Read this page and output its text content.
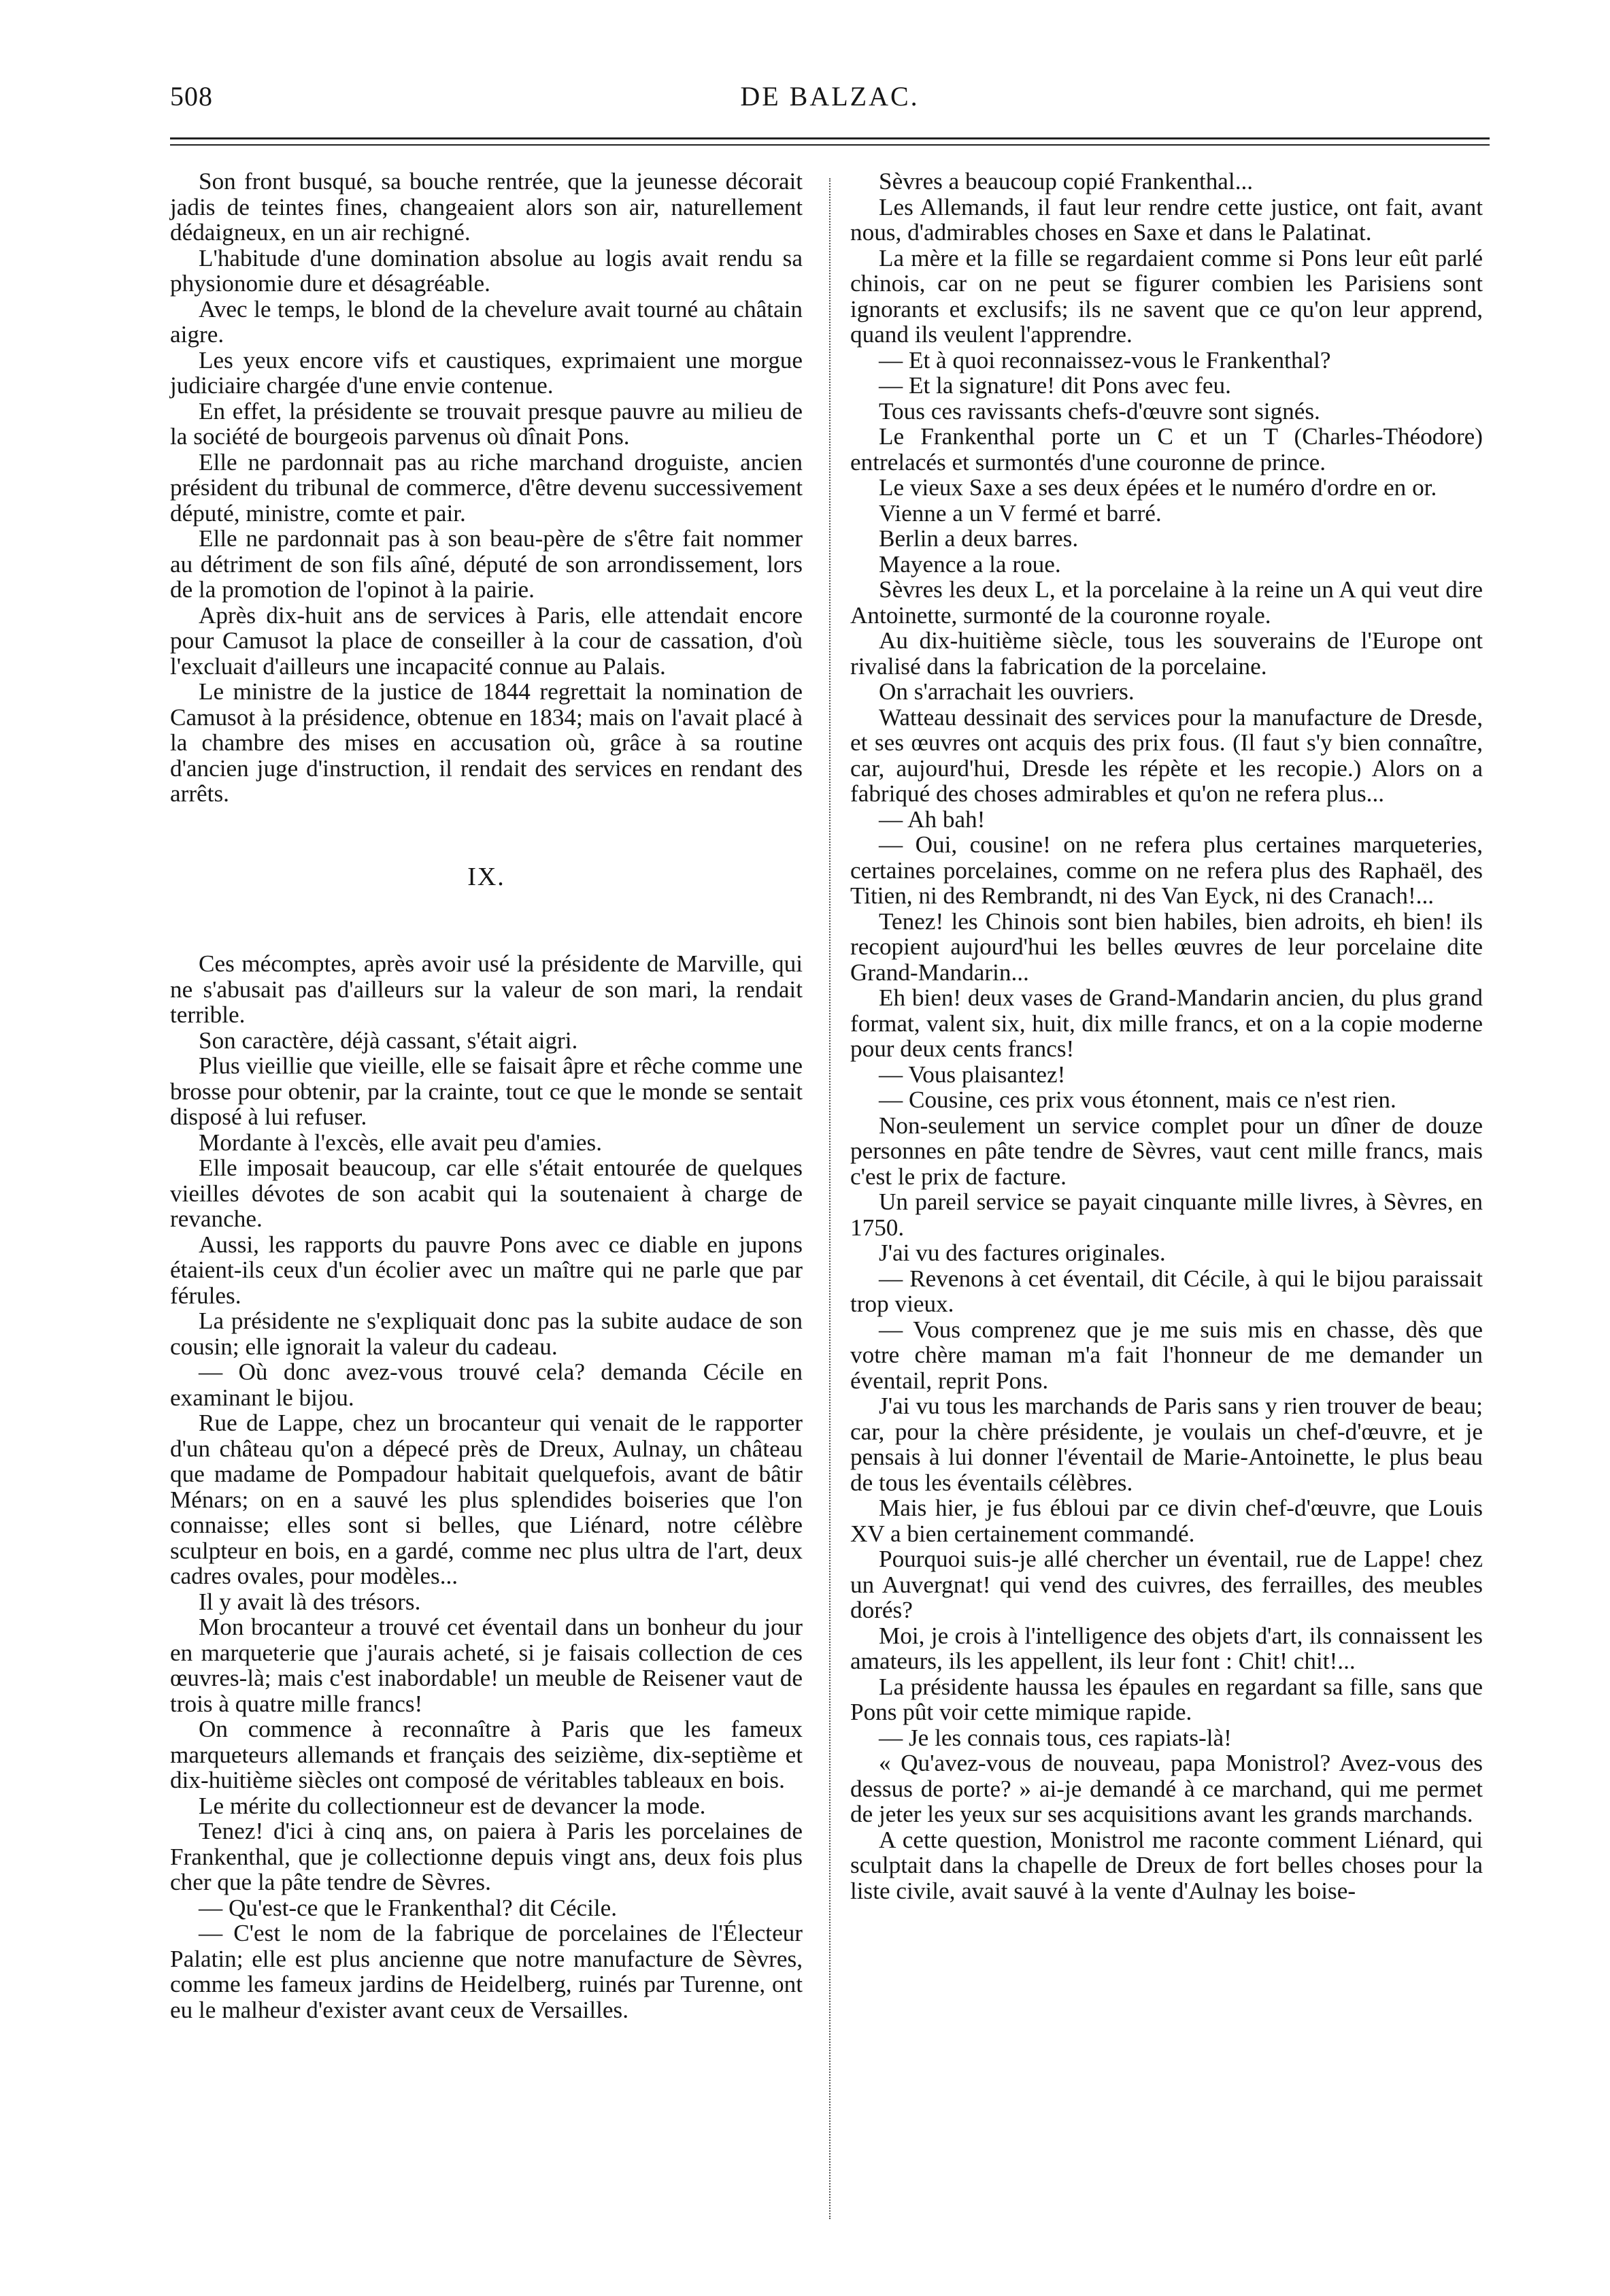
508	DE BALZAC.

Son front busqué, sa bouche rentrée, que la jeunesse décorait jadis de teintes fines, changeaient alors son air, naturellement dédaigneux, en un air rechigné.

L'habitude d'une domination absolue au logis avait rendu sa physionomie dure et désagréable.

Avec le temps, le blond de la chevelure avait tourné au châtain aigre.

Les yeux encore vifs et caustiques, exprimaient une morgue judiciaire chargée d'une envie contenue.

En effet, la présidente se trouvait presque pauvre au milieu de la société de bourgeois parvenus où dînait Pons.

Elle ne pardonnait pas au riche marchand droguiste, ancien président du tribunal de commerce, d'être devenu successivement député, ministre, comte et pair.

Elle ne pardonnait pas à son beau-père de s'être fait nommer au détriment de son fils aîné, député de son arrondissement, lors de la promotion de l'opinot à la pairie.

Après dix-huit ans de services à Paris, elle attendait encore pour Camusot la place de conseiller à la cour de cassation, d'où l'excluait d'ailleurs une incapacité connue au Palais.

Le ministre de la justice de 1844 regrettait la nomination de Camusot à la présidence, obtenue en 1834; mais on l'avait placé à la chambre des mises en accusation où, grâce à sa routine d'ancien juge d'instruction, il rendait des services en rendant des arrêts.

IX.

Ces mécomptes, après avoir usé la présidente de Marville, qui ne s'abusait pas d'ailleurs sur la valeur de son mari, la rendait terrible.

Son caractère, déjà cassant, s'était aigri.

Plus vieillie que vieille, elle se faisait âpre et rêche comme une brosse pour obtenir, par la crainte, tout ce que le monde se sentait disposé à lui refuser.

Mordante à l'excès, elle avait peu d'amies.

Elle imposait beaucoup, car elle s'était entourée de quelques vieilles dévotes de son acabit qui la soutenaient à charge de revanche.

Aussi, les rapports du pauvre Pons avec ce diable en jupons étaient-ils ceux d'un écolier avec un maître qui ne parle que par férules.

La présidente ne s'expliquait donc pas la subite audace de son cousin; elle ignorait la valeur du cadeau.

— Où donc avez-vous trouvé cela? demanda Cécile en examinant le bijou.

Rue de Lappe, chez un brocanteur qui venait de le rapporter d'un château qu'on a dépecé près de Dreux, Aulnay, un château que madame de Pompadour habitait quelquefois, avant de bâtir Ménars; on en a sauvé les plus splendides boiseries que l'on connaisse; elles sont si belles, que Liénard, notre célèbre sculpteur en bois, en a gardé, comme nec plus ultra de l'art, deux cadres ovales, pour modèles...

Il y avait là des trésors.

Mon brocanteur a trouvé cet éventail dans un bonheur du jour en marqueterie que j'aurais acheté, si je faisais collection de ces œuvres-là; mais c'est inabordable! un meuble de Reisener vaut de trois à quatre mille francs!

On commence à reconnaître à Paris que les fameux marqueteurs allemands et français des seizième, dix-septième et dix-huitième siècles ont composé de véritables tableaux en bois.

Le mérite du collectionneur est de devancer la mode.

Tenez! d'ici à cinq ans, on paiera à Paris les porcelaines de Frankenthal, que je collectionne depuis vingt ans, deux fois plus cher que la pâte tendre de Sèvres.

— Qu'est-ce que le Frankenthal? dit Cécile.

— C'est le nom de la fabrique de porcelaines de l'Électeur Palatin; elle est plus ancienne que notre manufacture de Sèvres, comme les fameux jardins de Heidelberg, ruinés par Turenne, ont eu le malheur d'exister avant ceux de Versailles.

Sèvres a beaucoup copié Frankenthal...

Les Allemands, il faut leur rendre cette justice, ont fait, avant nous, d'admirables choses en Saxe et dans le Palatinat.

La mère et la fille se regardaient comme si Pons leur eût parlé chinois, car on ne peut se figurer combien les Parisiens sont ignorants et exclusifs; ils ne savent que ce qu'on leur apprend, quand ils veulent l'apprendre.

— Et à quoi reconnaissez-vous le Frankenthal?

— Et la signature! dit Pons avec feu.

Tous ces ravissants chefs-d'œuvre sont signés.

Le Frankenthal porte un C et un T (Charles-Théodore) entrelacés et surmontés d'une couronne de prince.

Le vieux Saxe a ses deux épées et le numéro d'ordre en or.

Vienne a un V fermé et barré.

Berlin a deux barres.

Mayence a la roue.

Sèvres les deux L, et la porcelaine à la reine un A qui veut dire Antoinette, surmonté de la couronne royale.

Au dix-huitième siècle, tous les souverains de l'Europe ont rivalisé dans la fabrication de la porcelaine.

On s'arrachait les ouvriers.

Watteau dessinait des services pour la manufacture de Dresde, et ses œuvres ont acquis des prix fous. (Il faut s'y bien connaître, car, aujourd'hui, Dresde les répète et les recopie.) Alors on a fabriqué des choses admirables et qu'on ne refera plus...

— Ah bah!

— Oui, cousine! on ne refera plus certaines marqueteries, certaines porcelaines, comme on ne refera plus des Raphaël, des Titien, ni des Rembrandt, ni des Van Eyck, ni des Cranach!...

Tenez! les Chinois sont bien habiles, bien adroits, eh bien! ils recopient aujourd'hui les belles œuvres de leur porcelaine dite Grand-Mandarin...

Eh bien! deux vases de Grand-Mandarin ancien, du plus grand format, valent six, huit, dix mille francs, et on a la copie moderne pour deux cents francs!

— Vous plaisantez!

— Cousine, ces prix vous étonnent, mais ce n'est rien.

Non-seulement un service complet pour un dîner de douze personnes en pâte tendre de Sèvres, vaut cent mille francs, mais c'est le prix de facture.

Un pareil service se payait cinquante mille livres, à Sèvres, en 1750.

J'ai vu des factures originales.

— Revenons à cet éventail, dit Cécile, à qui le bijou paraissait trop vieux.

— Vous comprenez que je me suis mis en chasse, dès que votre chère maman m'a fait l'honneur de me demander un éventail, reprit Pons.

J'ai vu tous les marchands de Paris sans y rien trouver de beau; car, pour la chère présidente, je voulais un chef-d'œuvre, et je pensais à lui donner l'éventail de Marie-Antoinette, le plus beau de tous les éventails célèbres.

Mais hier, je fus ébloui par ce divin chef-d'œuvre, que Louis XV a bien certainement commandé.

Pourquoi suis-je allé chercher un éventail, rue de Lappe! chez un Auvergnat! qui vend des cuivres, des ferrailles, des meubles dorés?

Moi, je crois à l'intelligence des objets d'art, ils connaissent les amateurs, ils les appellent, ils leur font : Chit! chit!...

La présidente haussa les épaules en regardant sa fille, sans que Pons pût voir cette mimique rapide.

— Je les connais tous, ces rapiats-là!

« Qu'avez-vous de nouveau, papa Monistrol? Avez-vous des dessus de porte? » ai-je demandé à ce marchand, qui me permet de jeter les yeux sur ses acquisitions avant les grands marchands.

A cette question, Monistrol me raconte comment Liénard, qui sculptait dans la chapelle de Dreux de fort belles choses pour la liste civile, avait sauvé à la vente d'Aulnay les boise-
